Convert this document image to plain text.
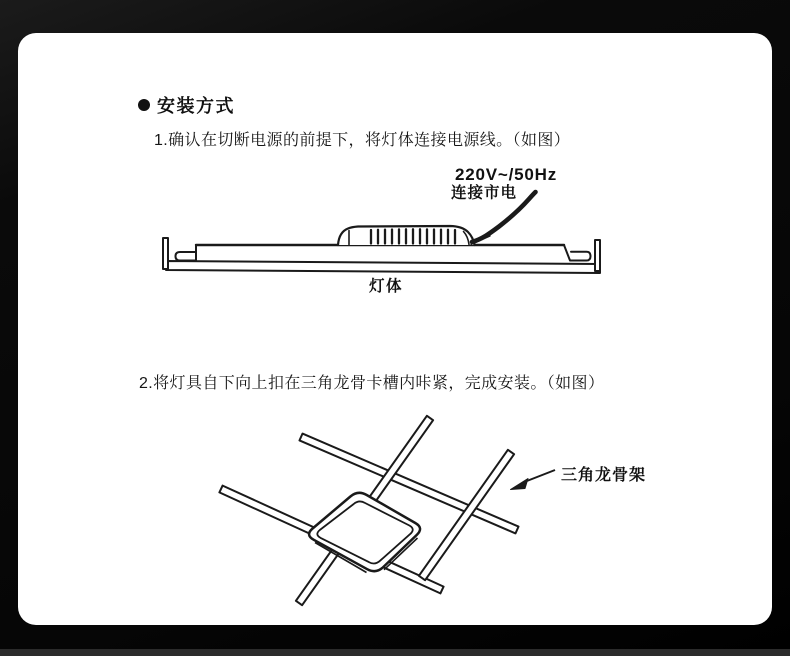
安装方式
1.确认在切断电源的前提下，将灯体连接电源线。（如图）
2.将灯具自下向上扣在三角龙骨卡槽内咔紧，完成安装。（如图）
220V~/50Hz
连接市电
灯体
三角龙骨架
